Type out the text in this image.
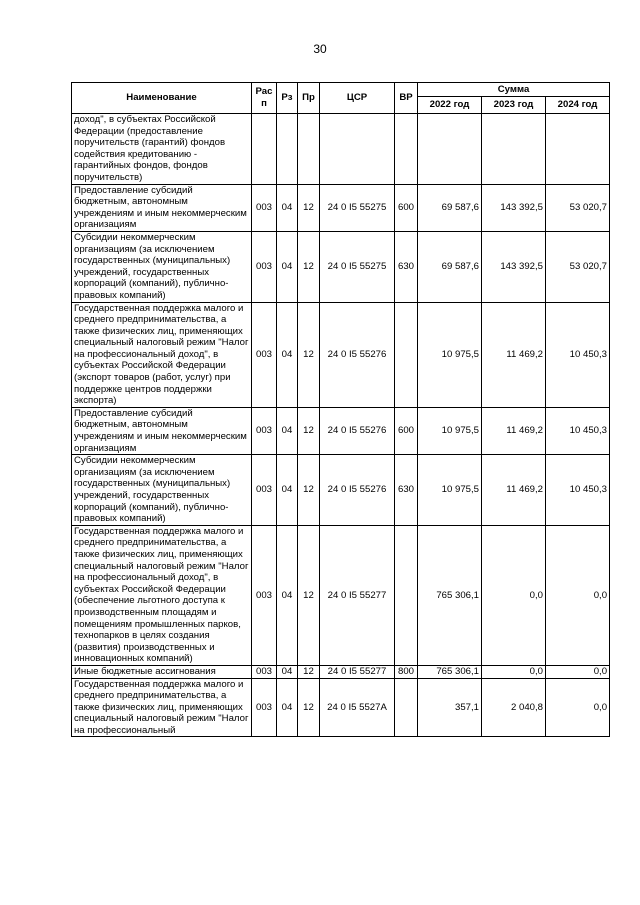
30
Наименование	Рас п	Рз	Пр	ЦСР	ВР	Сумма		
						2022 год	2023 год	2024 год
доход", в субъектах Российской Федерации (предоставление поручительств (гарантий) фондов содействия кредитованию - гарантийных фондов, фондов поручительств)								
Предоставление субсидий бюджетным, автономным учреждениям и иным некоммерческим организациям	003	04	12	24 0 I5 55275	600	69 587,6	143 392,5	53 020,7
Субсидии некоммерческим организациям (за исключением государственных (муниципальных) учреждений, государственных корпораций (компаний), публично-правовых компаний)	003	04	12	24 0 I5 55275	630	69 587,6	143 392,5	53 020,7
Государственная поддержка малого и среднего предпринимательства, а также физических лиц, применяющих специальный налоговый режим "Налог на профессиональный доход", в субъектах Российской Федерации (экспорт товаров (работ, услуг) при поддержке центров поддержки экспорта)	003	04	12	24 0 I5 55276		10 975,5	11 469,2	10 450,3
Предоставление субсидий бюджетным, автономным учреждениям и иным некоммерческим организациям	003	04	12	24 0 I5 55276	600	10 975,5	11 469,2	10 450,3
Субсидии некоммерческим организациям (за исключением государственных (муниципальных) учреждений, государственных корпораций (компаний), публично-правовых компаний)	003	04	12	24 0 I5 55276	630	10 975,5	11 469,2	10 450,3
Государственная поддержка малого и среднего предпринимательства, а также физических лиц, применяющих специальный налоговый режим "Налог на профессиональный доход", в субъектах Российской Федерации (обеспечение льготного доступа к производственным площадям и помещениям промышленных парков, технопарков в целях создания (развития) производственных и инновационных компаний)	003	04	12	24 0 I5 55277		765 306,1	0,0	0,0
Иные бюджетные ассигнования	003	04	12	24 0 I5 55277	800	765 306,1	0,0	0,0
Государственная поддержка малого и среднего предпринимательства, а также физических лиц, применяющих специальный налоговый режим "Налог на профессиональный	003	04	12	24 0 I5 5527A		357,1	2 040,8	0,0
